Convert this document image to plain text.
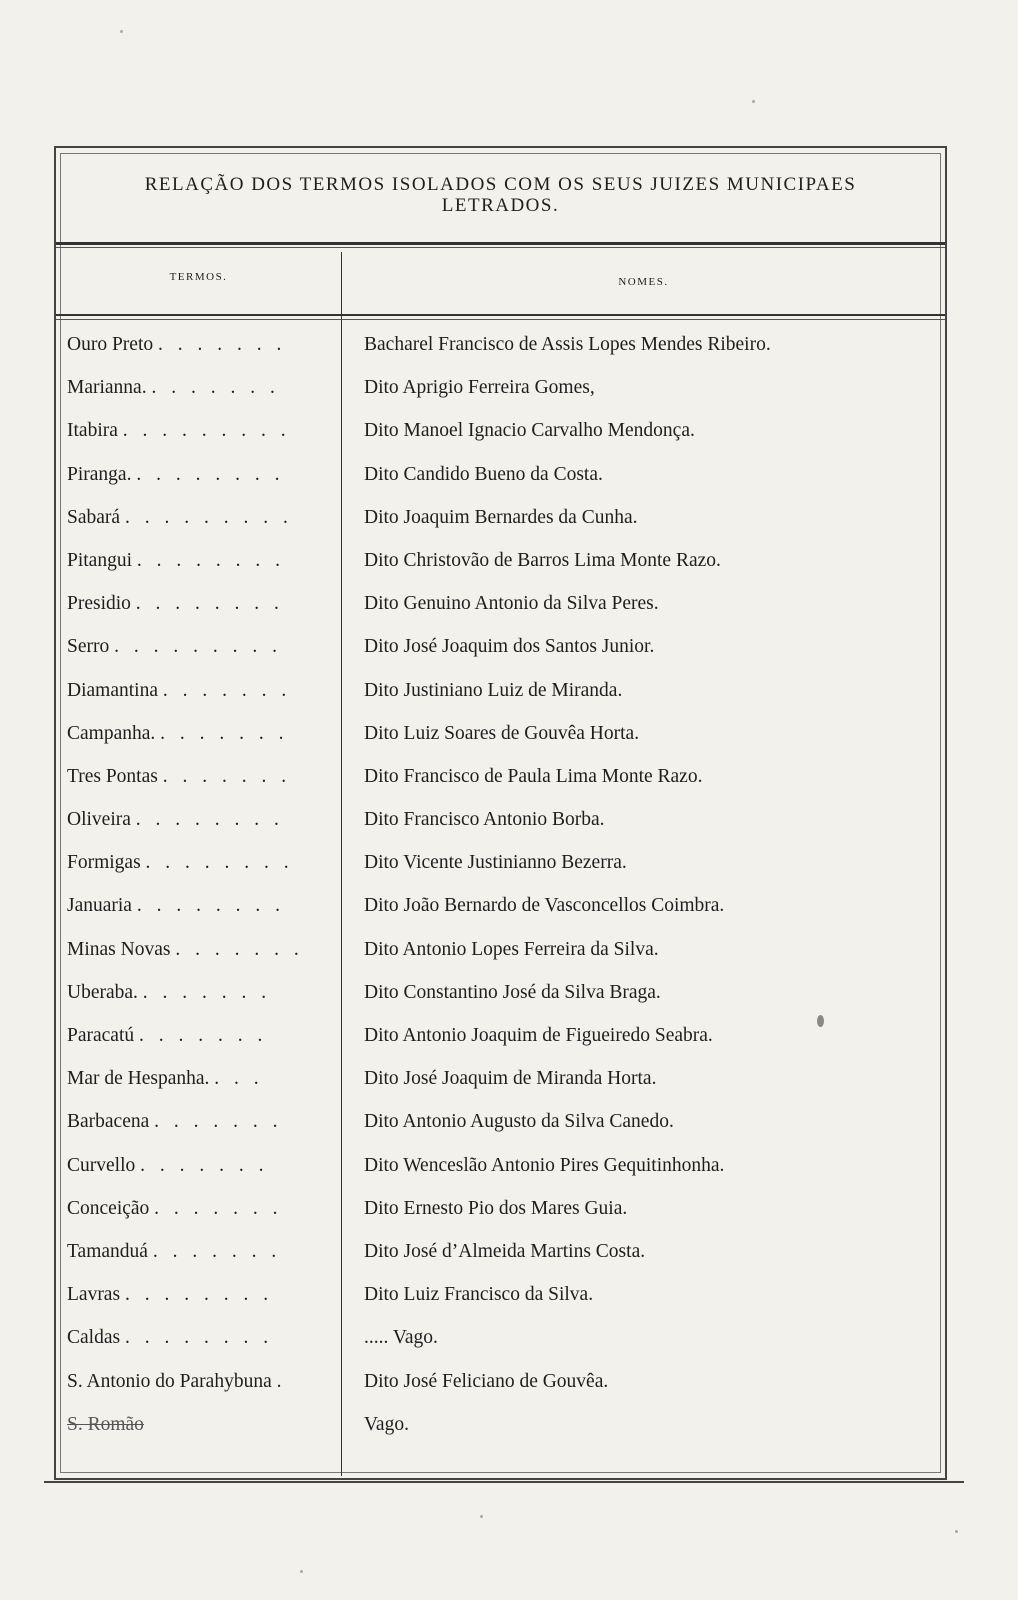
RELAÇÃO DOS TERMOS ISOLADOS COM OS SEUS JUIZES MUNICIPAES
LETRADOS.
TERMOS.	NOMES.
Ouro Preto . . . . . . .	Bacharel Francisco de Assis Lopes Mendes Ribeiro.
Marianna. . . . . . . .	Dito Aprigio Ferreira Gomes,
Itabira . . . . . . . . .	Dito Manoel Ignacio Carvalho Mendonça.
Piranga. . . . . . . . .	Dito Candido Bueno da Costa.
Sabará . . . . . . . . .	Dito Joaquim Bernardes da Cunha.
Pitangui . . . . . . . .	Dito Christovão de Barros Lima Monte Razo.
Presidio . . . . . . . .	Dito Genuino Antonio da Silva Peres.
Serro . . . . . . . . .	Dito José Joaquim dos Santos Junior.
Diamantina . . . . . . .	Dito Justiniano Luiz de Miranda.
Campanha. . . . . . . .	Dito Luiz Soares de Gouvêa Horta.
Tres Pontas . . . . . . .	Dito Francisco de Paula Lima Monte Razo.
Oliveira . . . . . . . .	Dito Francisco Antonio Borba.
Formigas . . . . . . . .	Dito Vicente Justinianno Bezerra.
Januaria . . . . . . . .	Dito João Bernardo de Vasconcellos Coimbra.
Minas Novas . . . . . . .	Dito Antonio Lopes Ferreira da Silva.
Uberaba. . . . . . . .	Dito Constantino José da Silva Braga.
Paracatú . . . . . . .	Dito Antonio Joaquim de Figueiredo Seabra.
Mar de Hespanha. . . .	Dito José Joaquim de Miranda Horta.
Barbacena . . . . . . .	Dito Antonio Augusto da Silva Canedo.
Curvello . . . . . . .	Dito Wenceslão Antonio Pires Gequitinhonha.
Conceição . . . . . . .	Dito Ernesto Pio dos Mares Guia.
Tamanduá . . . . . . .	Dito José d’Almeida Martins Costa.
Lavras . . . . . . . .	Dito Luiz Francisco da Silva.
Caldas . . . . . . . .	..... Vago.
S. Antonio do Parahybuna .	Dito José Feliciano de Gouvêa.
S. Romão	Vago.
